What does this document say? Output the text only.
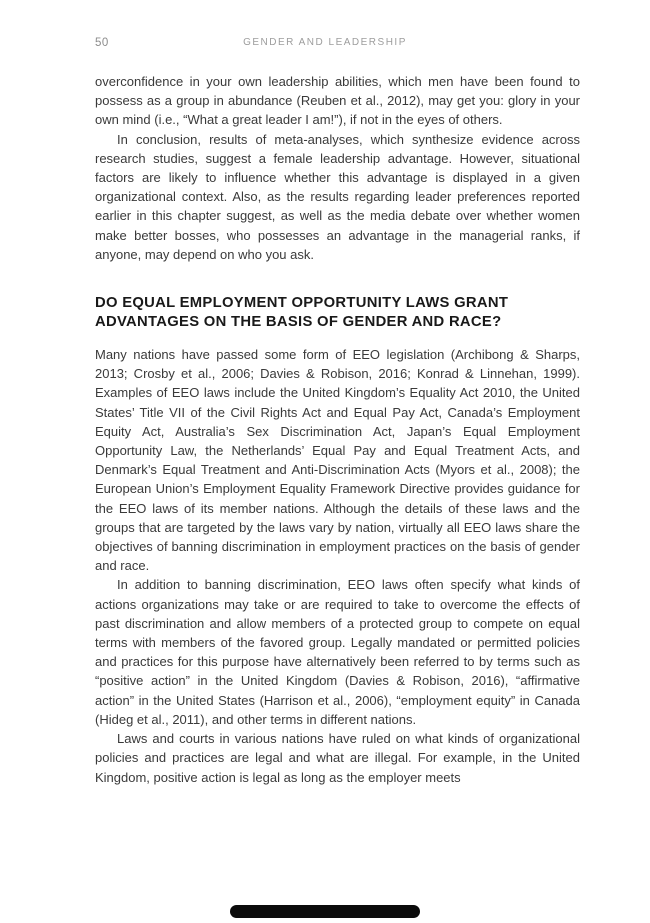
50	GENDER AND LEADERSHIP

overconfidence in your own leadership abilities, which men have been found to possess as a group in abundance (Reuben et al., 2012), may get you: glory in your own mind (i.e., “What a great leader I am!”), if not in the eyes of others.

In conclusion, results of meta-analyses, which synthesize evidence across research studies, suggest a female leadership advantage. However, situational factors are likely to influence whether this advantage is displayed in a given organizational context. Also, as the results regarding leader preferences reported earlier in this chapter suggest, as well as the media debate over whether women make better bosses, who possesses an advantage in the managerial ranks, if anyone, may depend on who you ask.

DO EQUAL EMPLOYMENT OPPORTUNITY LAWS GRANT
ADVANTAGES ON THE BASIS OF GENDER AND RACE?

Many nations have passed some form of EEO legislation (Archibong & Sharps, 2013; Crosby et al., 2006; Davies & Robison, 2016; Konrad & Linnehan, 1999). Examples of EEO laws include the United Kingdom’s Equality Act 2010, the United States’ Title VII of the Civil Rights Act and Equal Pay Act, Canada’s Employment Equity Act, Australia’s Sex Discrimination Act, Japan’s Equal Employment Opportunity Law, the Netherlands’ Equal Pay and Equal Treatment Acts, and Denmark’s Equal Treatment and Anti-Discrimination Acts (Myors et al., 2008); the European Union’s Employment Equality Framework Directive provides guidance for the EEO laws of its member nations. Although the details of these laws and the groups that are targeted by the laws vary by nation, virtually all EEO laws share the objectives of banning discrimination in employment practices on the basis of gender and race.

In addition to banning discrimination, EEO laws often specify what kinds of actions organizations may take or are required to take to overcome the effects of past discrimination and allow members of a protected group to compete on equal terms with members of the favored group. Legally mandated or permitted policies and practices for this purpose have alternatively been referred to by terms such as “positive action” in the United Kingdom (Davies & Robison, 2016), “affirmative action” in the United States (Harrison et al., 2006), “employment equity” in Canada (Hideg et al., 2011), and other terms in different nations.

Laws and courts in various nations have ruled on what kinds of organizational policies and practices are legal and what are illegal. For example, in the United Kingdom, positive action is legal as long as the employer meets
